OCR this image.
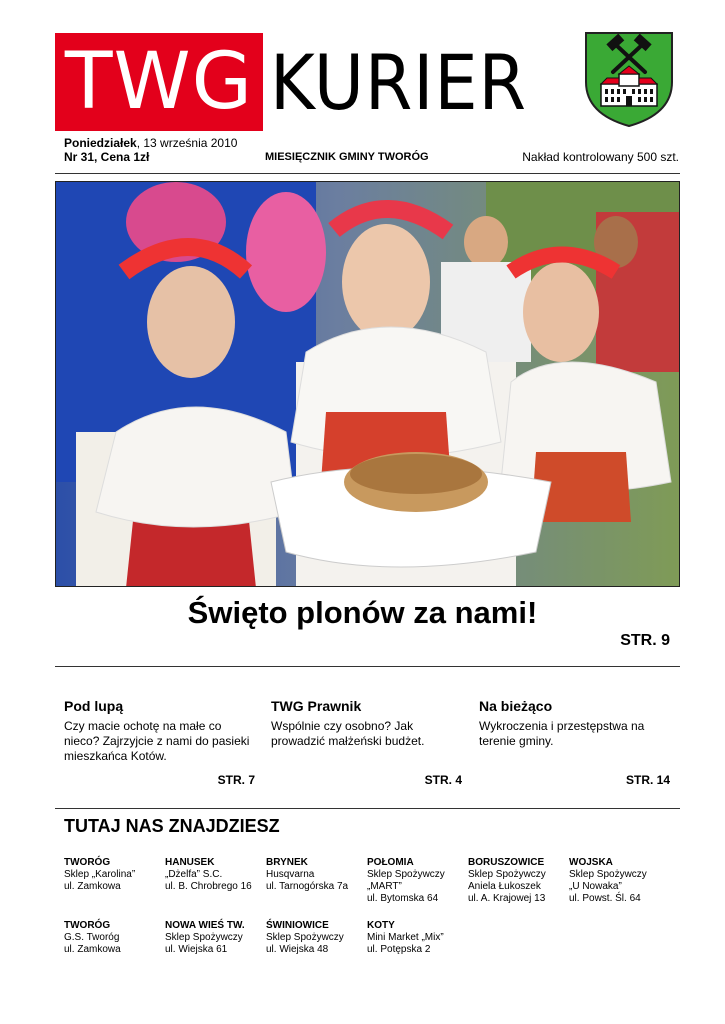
TWG KURIER
Poniedziałek, 13 września 2010
Nr 31, Cena 1zł	MIESIĘCZNIK GMINY TWORÓG	Nakład kontrolowany 500 szt.
Święto plonów za nami!
STR. 9
Pod lupą

Czy macie ochotę na małe co nieco? Zajrzyjcie z nami do pasieki mieszkańca Kotów.

STR. 7
TWG Prawnik

Wspólnie czy osobno? Jak prowadzić małżeński budżet.

STR. 4
Na bieżąco

Wykroczenia i przestępstwa na terenie gminy.

STR. 14
TUTAJ NAS ZNAJDZIESZ
TWORÓG
Sklep „Karolina”
ul. Zamkowa
HANUSEK
„Dżelfa” S.C.
ul. B. Chrobrego 16
BRYNEK
Husqvarna
ul. Tarnogórska 7a
POŁOMIA
Sklep Spożywczy
„MART”
ul. Bytomska 64
BORUSZOWICE
Sklep Spożywczy
Aniela Łukoszek
ul. A. Krajowej 13
WOJSKA
Sklep Spożywczy
„U Nowaka”
ul. Powst. Śl. 64
TWORÓG
G.S. Tworóg
ul. Zamkowa
NOWA WIEŚ TW.
Sklep Spożywczy
ul. Wiejska 61
ŚWINIOWICE
Sklep Spożywczy
ul. Wiejska 48
KOTY
Mini Market „Mix”
ul. Potępska 2
